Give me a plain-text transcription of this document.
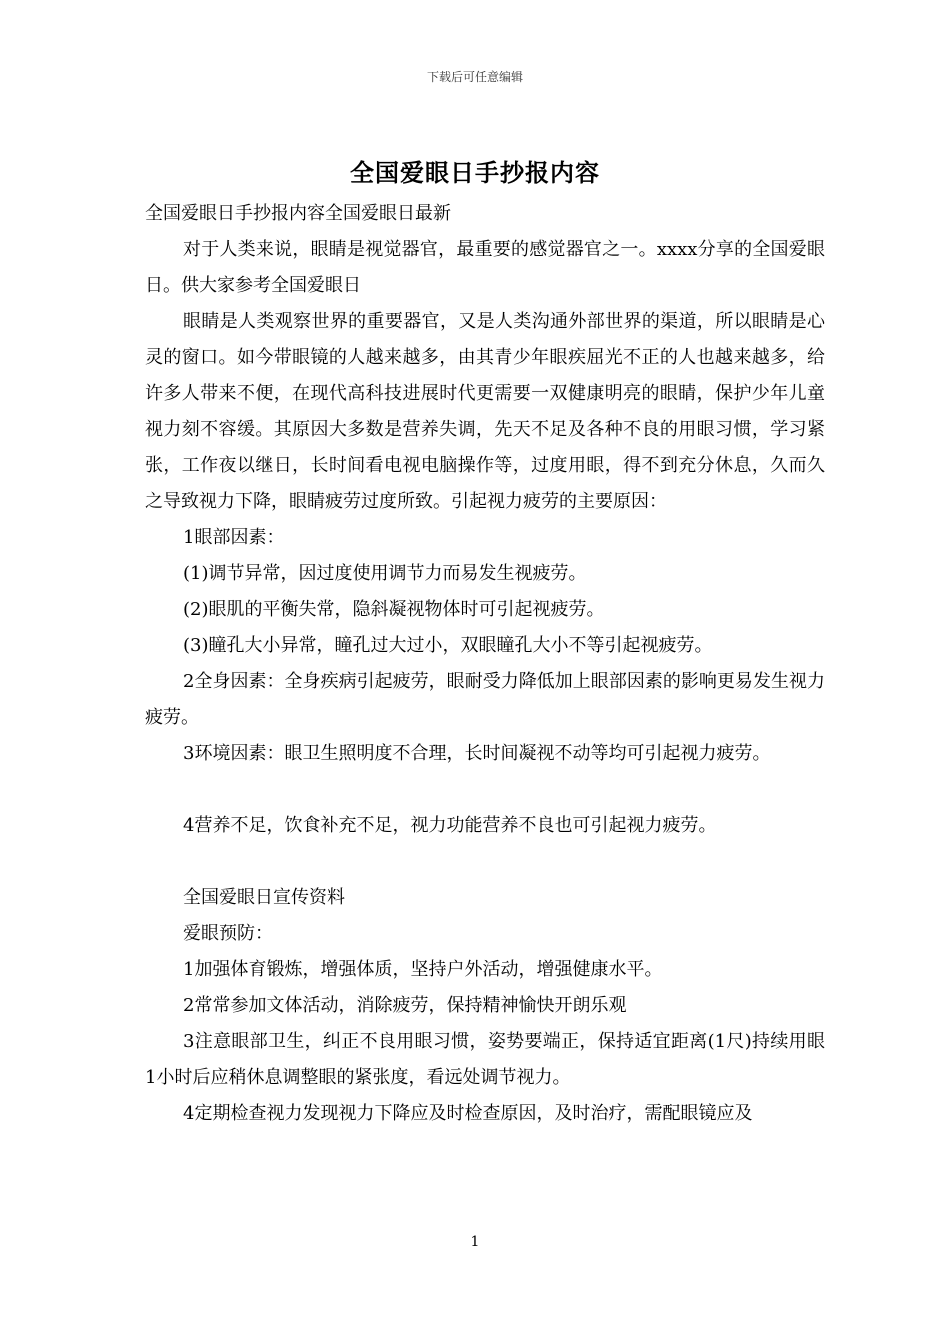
下载后可任意编辑
全国爱眼日手抄报内容

全国爱眼日手抄报内容全国爱眼日最新

对于人类来说，眼睛是视觉器官，最重要的感觉器官之一。xxxx分享的全国爱眼日。供大家参考全国爱眼日

眼睛是人类观察世界的重要器官，又是人类沟通外部世界的渠道，所以眼睛是心灵的窗口。如今带眼镜的人越来越多，由其青少年眼疾屈光不正的人也越来越多，给许多人带来不便，在现代高科技进展时代更需要一双健康明亮的眼睛，保护少年儿童视力刻不容缓。其原因大多数是营养失调，先天不足及各种不良的用眼习惯，学习紧张，工作夜以继日，长时间看电视电脑操作等，过度用眼，得不到充分休息，久而久之导致视力下降，眼睛疲劳过度所致。引起视力疲劳的主要原因：

1眼部因素：

(1)调节异常，因过度使用调节力而易发生视疲劳。

(2)眼肌的平衡失常，隐斜凝视物体时可引起视疲劳。

(3)瞳孔大小异常，瞳孔过大过小，双眼瞳孔大小不等引起视疲劳。

2全身因素：全身疾病引起疲劳，眼耐受力降低加上眼部因素的影响更易发生视力疲劳。

3环境因素：眼卫生照明度不合理，长时间凝视不动等均可引起视力疲劳。

4营养不足，饮食补充不足，视力功能营养不良也可引起视力疲劳。

全国爱眼日宣传资料

爱眼预防：

1加强体育锻炼，增强体质，坚持户外活动，增强健康水平。

2常常参加文体活动，消除疲劳，保持精神愉快开朗乐观

3注意眼部卫生，纠正不良用眼习惯，姿势要端正，保持适宜距离(1尺)持续用眼1小时后应稍休息调整眼的紧张度，看远处调节视力。

4定期检查视力发现视力下降应及时检查原因，及时治疗，需配眼镜应及

1
